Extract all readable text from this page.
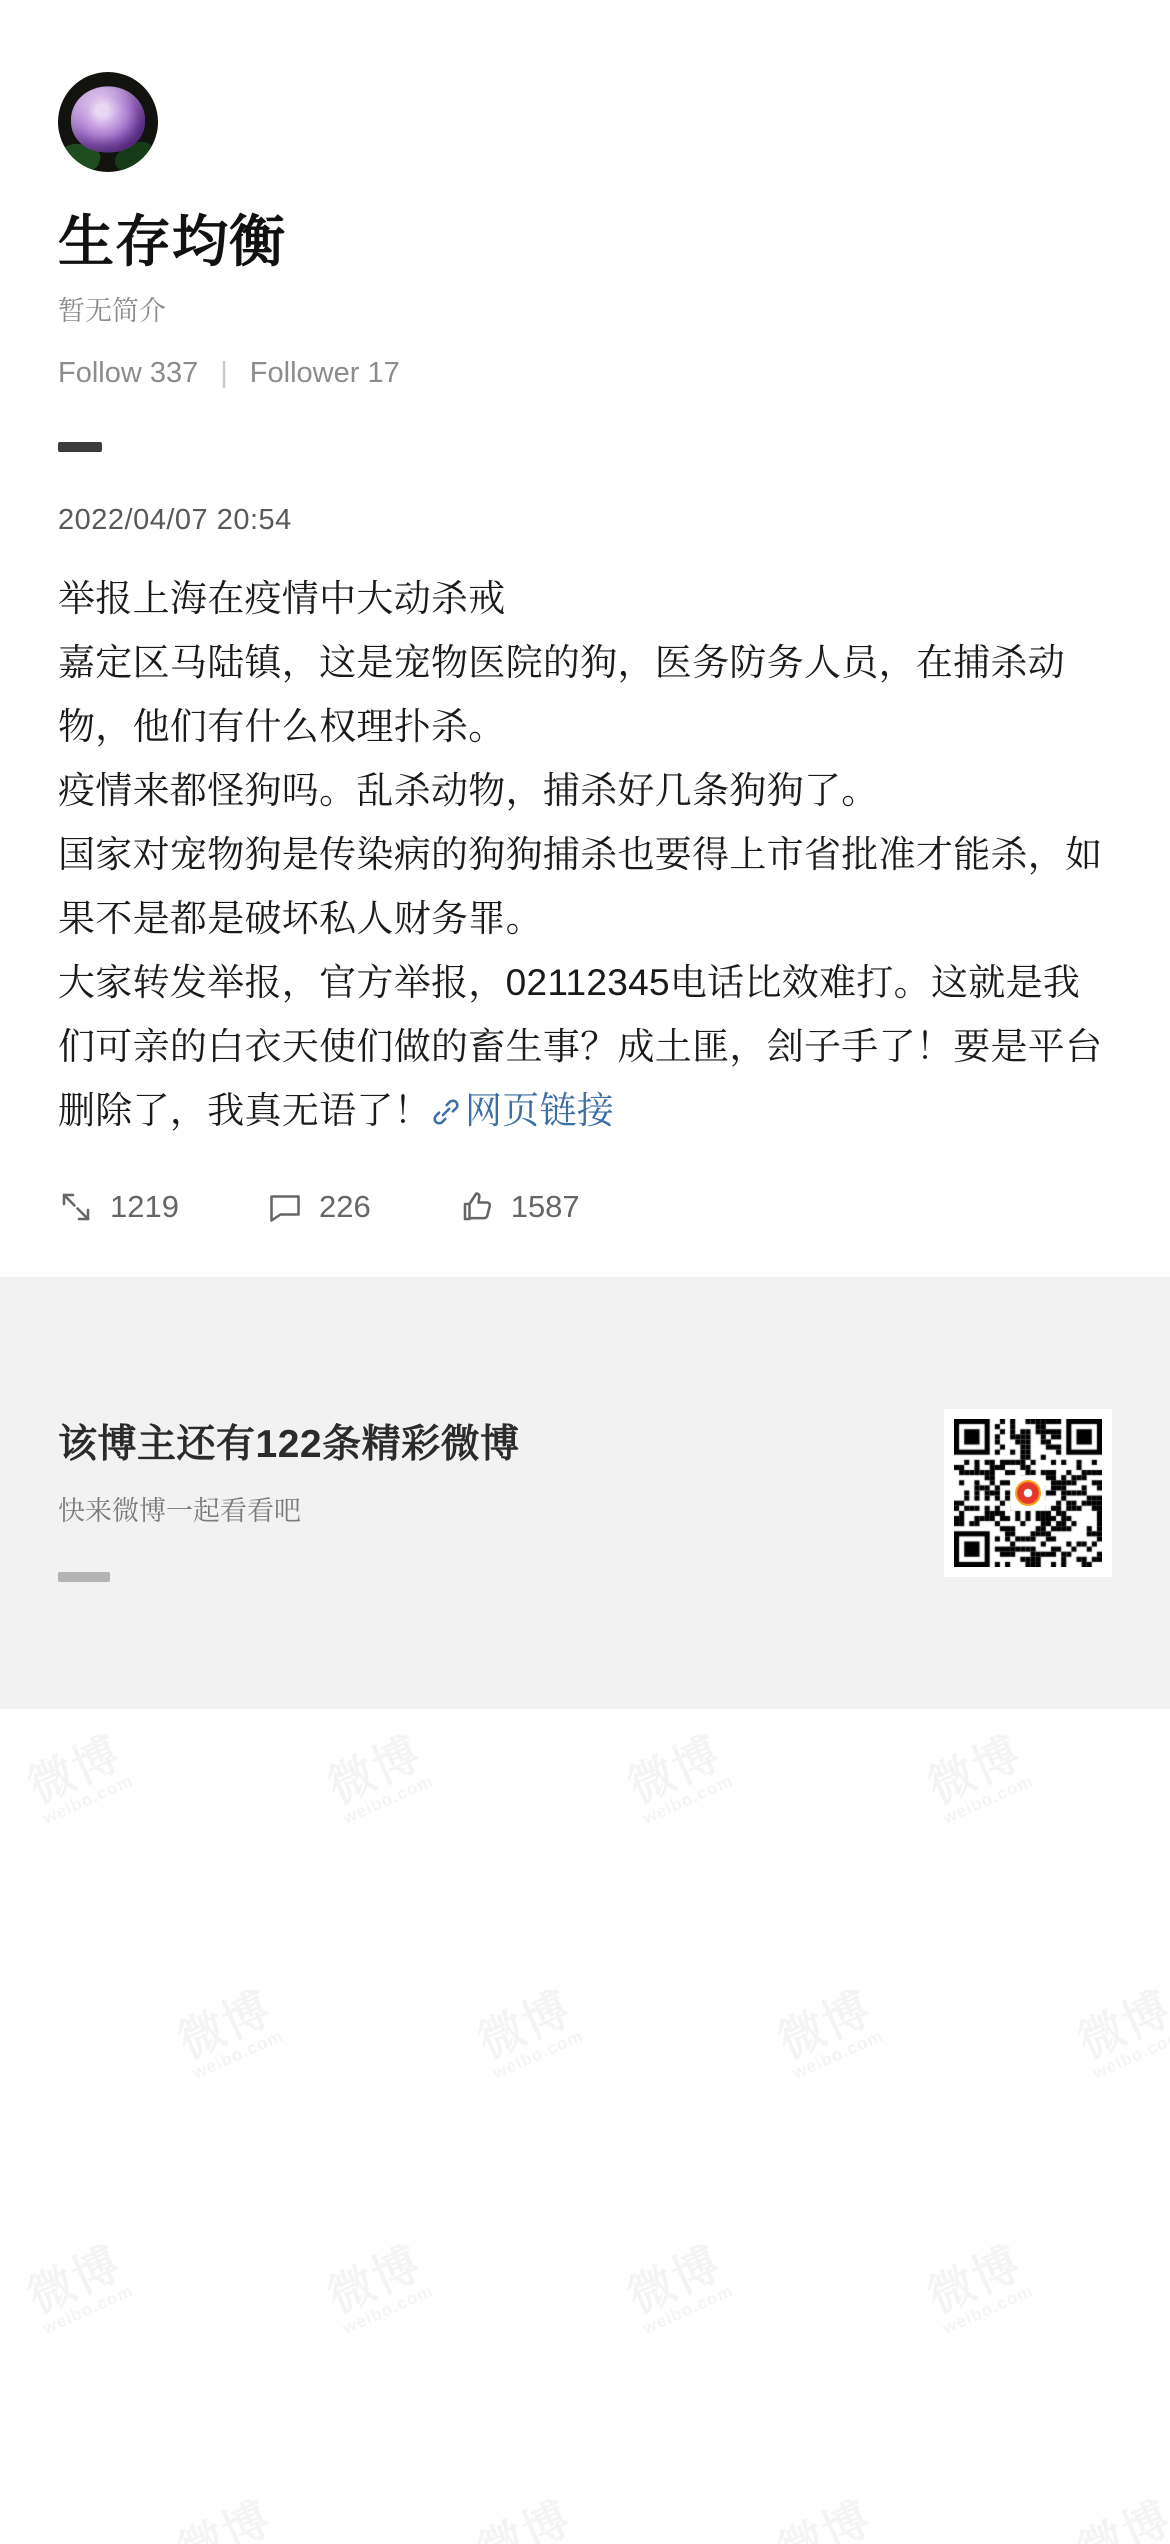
生存均衡
暂无简介
Follow 337 | Follower 17
2022/04/07 20:54

举报上海在疫情中大动杀戒

嘉定区马陆镇，这是宠物医院的狗，医务防务人员，在捕杀动物，他们有什么权理扑杀。

疫情来都怪狗吗。乱杀动物，捕杀好几条狗狗了。

国家对宠物狗是传染病的狗狗捕杀也要得上市省批准才能杀，如果不是都是破坏私人财务罪。

大家转发举报，官方举报，02112345电话比效难打。这就是我们可亲的白衣天使们做的畜生事？成土匪，刽子手了！要是平台删除了，我真无语了！ 网页链接

1219	226	1587
该博主还有122条精彩微博
快来微博一起看看吧
